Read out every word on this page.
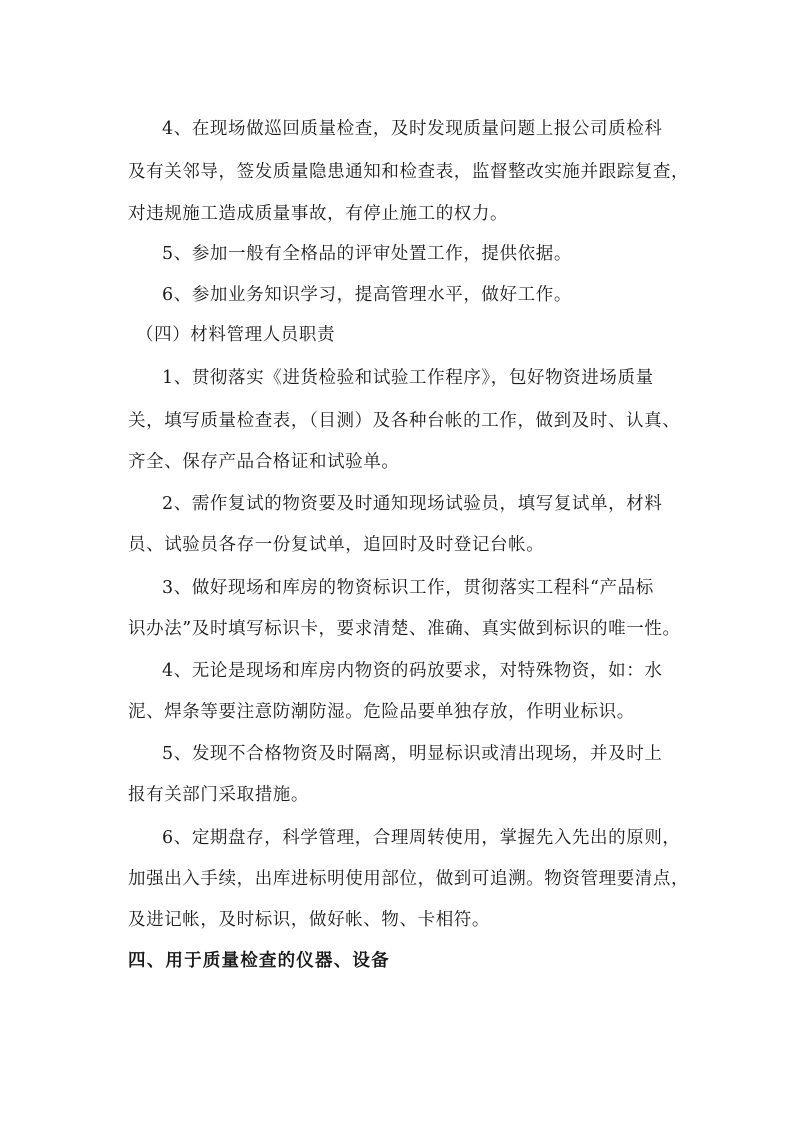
4、在现场做巡回质量检查，及时发现质量问题上报公司质检科
及有关邻导，签发质量隐患通知和检查表，监督整改实施并跟踪复查，
对违规施工造成质量事故，有停止施工的权力。
5、参加一般有全格品的评审处置工作，提供依据。
6、参加业务知识学习，提高管理水平，做好工作。
（四）材料管理人员职责
1、贯彻落实《进货检验和试验工作程序》，包好物资进场质量
关，填写质量检查表，（目测）及各种台帐的工作，做到及时、认真、
齐全、保存产品合格证和试验单。
2、需作复试的物资要及时通知现场试验员，填写复试单，材料
员、试验员各存一份复试单，追回时及时登记台帐。
3、做好现场和库房的物资标识工作，贯彻落实工程科“产品标
识办法”及时填写标识卡，要求清楚、准确、真实做到标识的唯一性。
4、无论是现场和库房内物资的码放要求，对特殊物资，如：水
泥、焊条等要注意防潮防湿。危险品要单独存放，作明业标识。
5、发现不合格物资及时隔离，明显标识或清出现场，并及时上
报有关部门采取措施。
6、定期盘存，科学管理，合理周转使用，掌握先入先出的原则，
加强出入手续，出库进标明使用部位，做到可追溯。物资管理要清点，
及进记帐，及时标识，做好帐、物、卡相符。
四、用于质量检查的仪器、设备
